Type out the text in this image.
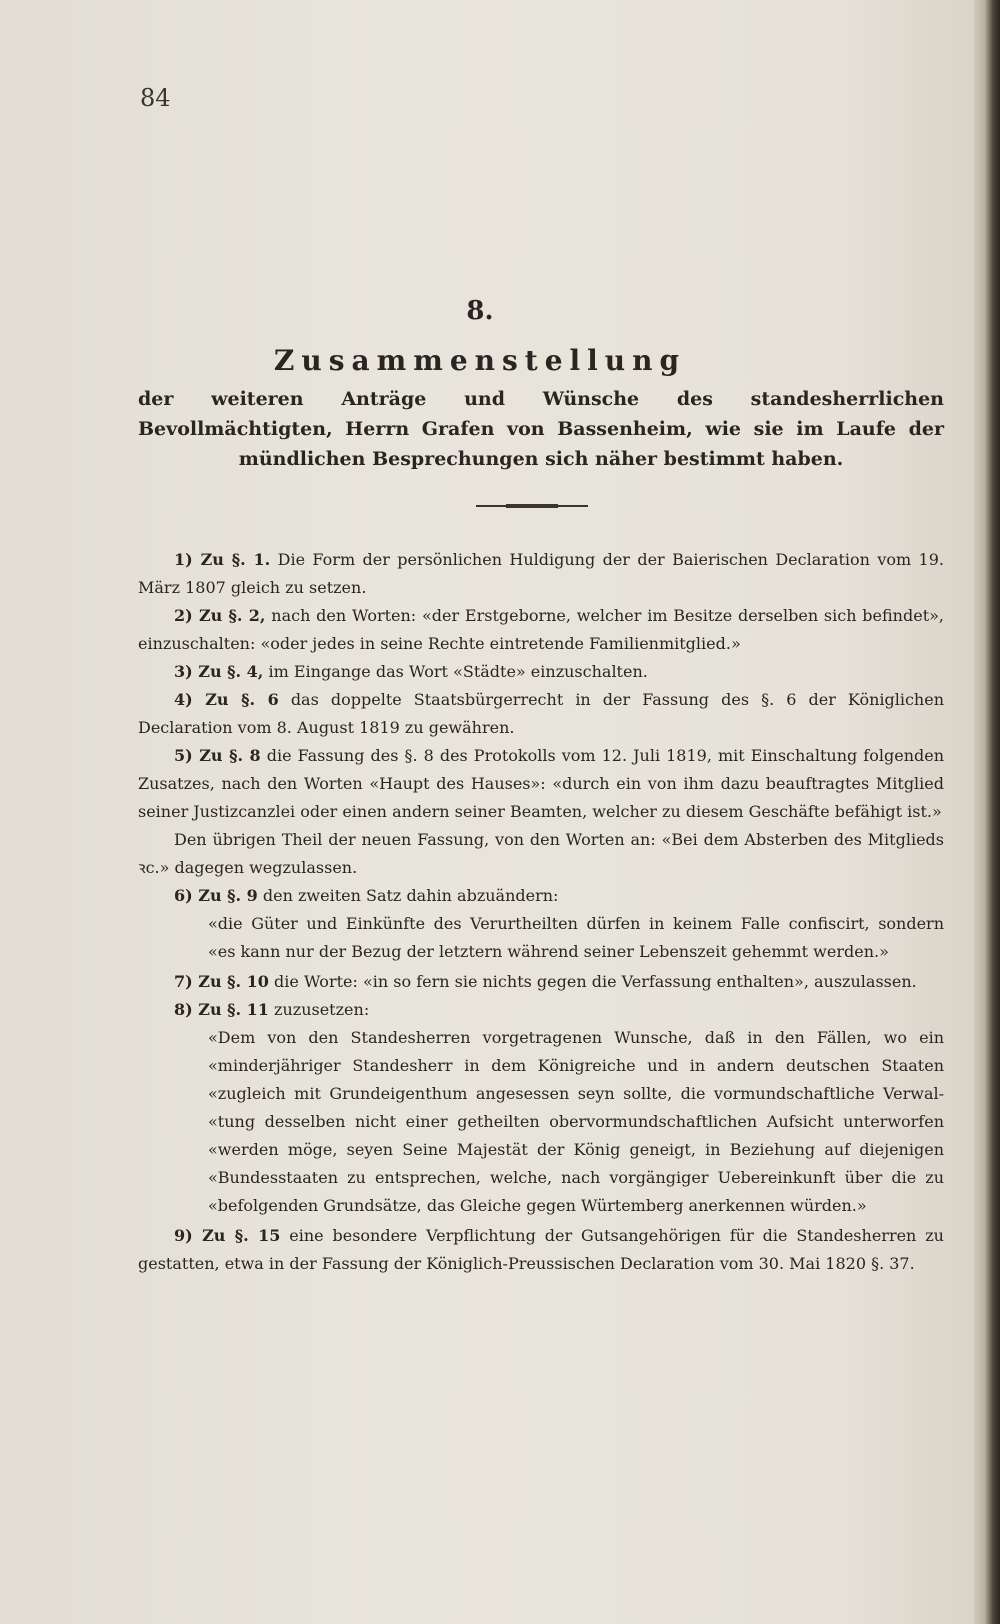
84
8.
Zusammenstellung
der weiteren Anträge und Wünsche des standesherrlichen Bevollmächtigten, Herrn Grafen von Bassenheim, wie sie im Laufe der mündlichen Besprechungen sich näher bestimmt haben.

1) Zu §. 1. Die Form der persönlichen Huldigung der der Baierischen Declaration vom 19. März 1807 gleich zu setzen.

2) Zu §. 2, nach den Worten: «der Erstgeborne, welcher im Besitze derselben sich befindet», einzuschalten: «oder jedes in seine Rechte eintretende Familienmitglied.»

3) Zu §. 4, im Eingange das Wort «Städte» einzuschalten.

4) Zu §. 6 das doppelte Staatsbürgerrecht in der Fassung des §. 6 der Königlichen Declaration vom 8. August 1819 zu gewähren.

5) Zu §. 8 die Fassung des §. 8 des Protokolls vom 12. Juli 1819, mit Einschaltung folgenden Zusatzes, nach den Worten «Haupt des Hauses»: «durch ein von ihm dazu beauftragtes Mitglied seiner Justizcanzlei oder einen andern seiner Beamten, welcher zu diesem Geschäfte befähigt ist.»

Den übrigen Theil der neuen Fassung, von den Worten an: «Bei dem Absterben des Mitglieds ꝛc.» dagegen wegzulassen.

6) Zu §. 9 den zweiten Satz dahin abzuändern:

«die Güter und Einkünfte des Verurtheilten dürfen in keinem Falle confiscirt, sondern
«es kann nur der Bezug der letztern während seiner Lebenszeit gehemmt werden.»

7) Zu §. 10 die Worte: «in so fern sie nichts gegen die Verfassung enthalten», auszulassen.

8) Zu §. 11 zuzusetzen:

«Dem von den Standesherren vorgetragenen Wunsche, daß in den Fällen, wo ein
«minderjähriger Standesherr in dem Königreiche und in andern deutschen Staaten
«zugleich mit Grundeigenthum angesessen seyn sollte, die vormundschaftliche Verwal-
«tung desselben nicht einer getheilten obervormundschaftlichen Aufsicht unterworfen
«werden möge, seyen Seine Majestät der König geneigt, in Beziehung auf diejenigen
«Bundesstaaten zu entsprechen, welche, nach vorgängiger Uebereinkunft über die zu
«befolgenden Grundsätze, das Gleiche gegen Würtemberg anerkennen würden.»

9) Zu §. 15 eine besondere Verpflichtung der Gutsangehörigen für die Standesherren zu gestatten, etwa in der Fassung der Königlich-Preussischen Declaration vom 30. Mai 1820 §. 37.
